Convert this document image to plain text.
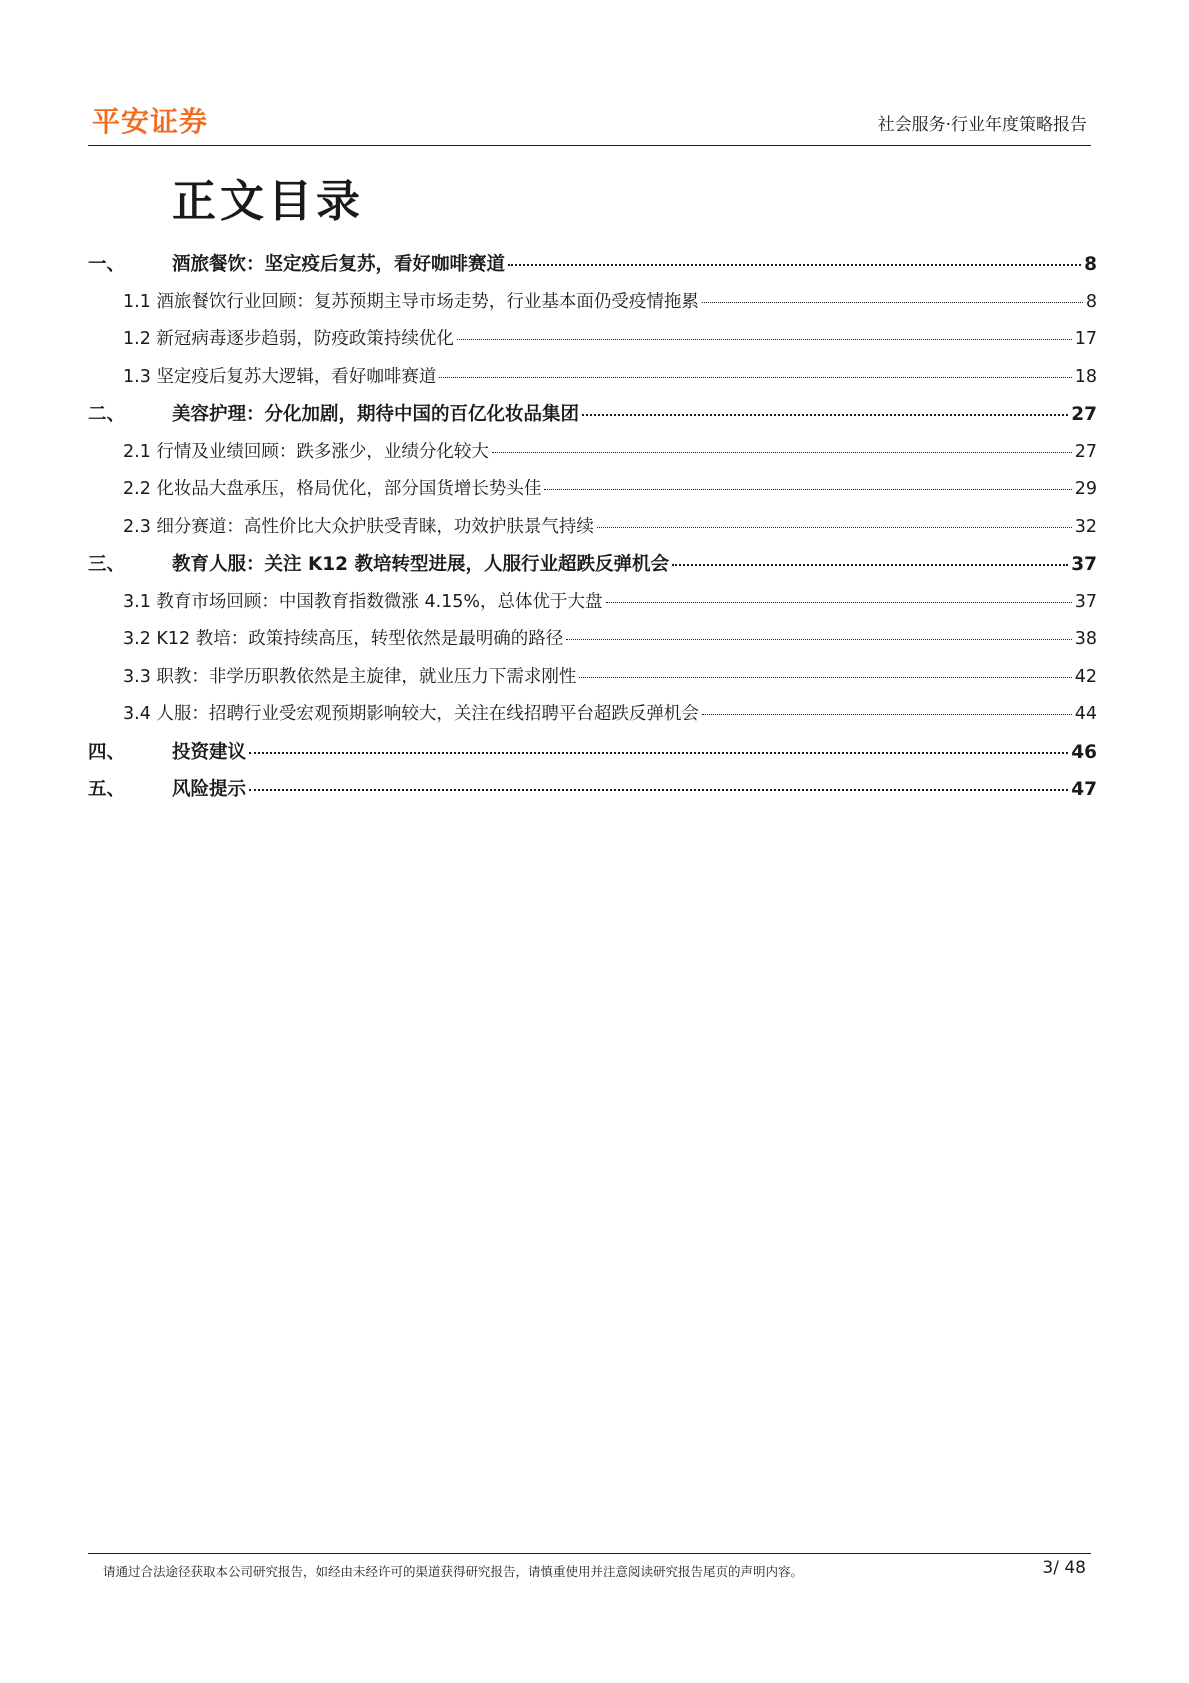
平安证券	社会服务·行业年度策略报告
正文目录
一、	酒旅餐饮：坚定疫后复苏，看好咖啡赛道	8
1.1 酒旅餐饮行业回顾：复苏预期主导市场走势，行业基本面仍受疫情拖累	8
1.2 新冠病毒逐步趋弱，防疫政策持续优化	17
1.3 坚定疫后复苏大逻辑，看好咖啡赛道	18
二、	美容护理：分化加剧，期待中国的百亿化妆品集团	27
2.1 行情及业绩回顾：跌多涨少，业绩分化较大	27
2.2 化妆品大盘承压，格局优化，部分国货增长势头佳	29
2.3 细分赛道：高性价比大众护肤受青睐，功效护肤景气持续	32
三、	教育人服：关注 K12 教培转型进展，人服行业超跌反弹机会	37
3.1 教育市场回顾：中国教育指数微涨 4.15%，总体优于大盘	37
3.2 K12 教培：政策持续高压，转型依然是最明确的路径	38
3.3 职教：非学历职教依然是主旋律，就业压力下需求刚性	42
3.4 人服：招聘行业受宏观预期影响较大，关注在线招聘平台超跌反弹机会	44
四、	投资建议	46
五、	风险提示	47
请通过合法途径获取本公司研究报告，如经由未经许可的渠道获得研究报告，请慎重使用并注意阅读研究报告尾页的声明内容。	3/ 48
